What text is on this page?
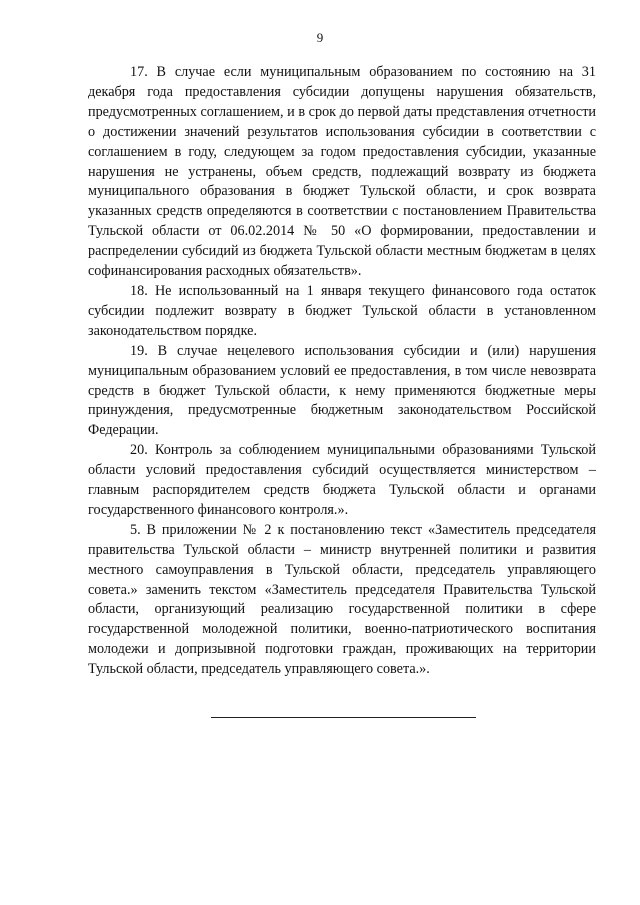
9

17. В случае если муниципальным образованием по состоянию на 31 декабря года предоставления субсидии допущены нарушения обязательств, предусмотренных соглашением, и в срок до первой даты представления отчетности о достижении значений результатов использования субсидии в соответствии с соглашением в году, следующем за годом предоставления субсидии, указанные нарушения не устранены, объем средств, подлежащий возврату из бюджета муниципального образования в бюджет Тульской области, и срок возврата указанных средств определяются в соответствии с постановлением Правительства Тульской области от 06.02.2014 № 50 «О формировании, предоставлении и распределении субсидий из бюджета Тульской области местным бюджетам в целях софинансирования расходных обязательств».

18. Не использованный на 1 января текущего финансового года остаток субсидии подлежит возврату в бюджет Тульской области в установленном законодательством порядке.

19. В случае нецелевого использования субсидии и (или) нарушения муниципальным образованием условий ее предоставления, в том числе невозврата средств в бюджет Тульской области, к нему применяются бюджетные меры принуждения, предусмотренные бюджетным законодательством Российской Федерации.

20. Контроль за соблюдением муниципальными образованиями Тульской области условий предоставления субсидий осуществляется министерством – главным распорядителем средств бюджета Тульской области и органами государственного финансового контроля.».

5. В приложении № 2 к постановлению текст «Заместитель председателя правительства Тульской области – министр внутренней политики и развития местного самоуправления в Тульской области, председатель управляющего совета.» заменить текстом «Заместитель председателя Правительства Тульской области, организующий реализацию государственной политики в сфере государственной молодежной политики, военно-патриотического воспитания молодежи и допризывной подготовки граждан, проживающих на территории Тульской области, председатель управляющего совета.».
